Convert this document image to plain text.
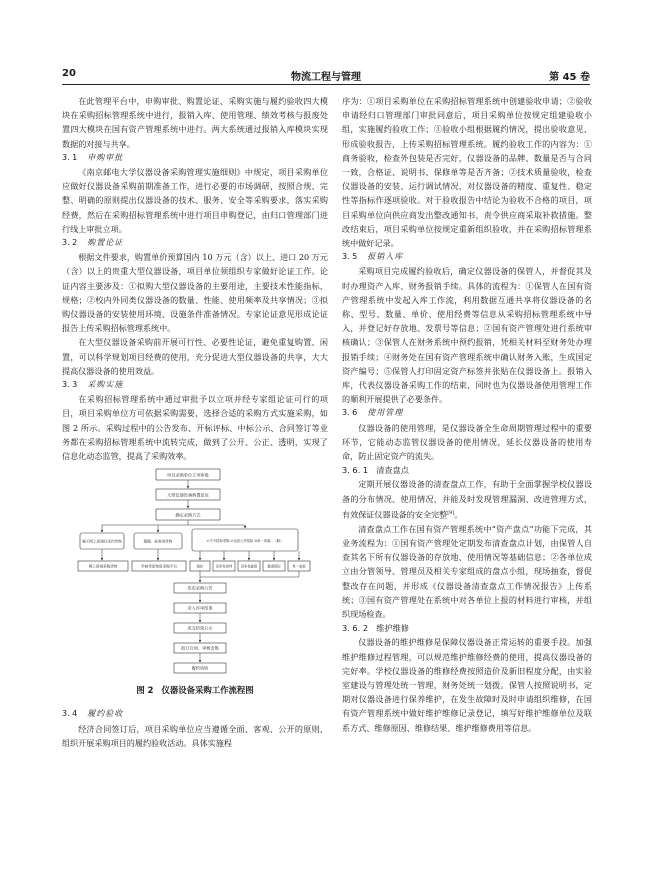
20	物流工程与管理	第 45 卷

在此管理平台中，申购审批、购置论证、采购实施与履约验收四大模块在采购招标管理系统中进行，报销入库、使用管理、绩效考核与报废处置四大模块在国有资产管理系统中进行。两大系统通过报销入库模块实现数据的对接与共享。

3. 1 申购审批

《南京邮电大学仪器设备采购管理实施细则》中规定，项目采购单位应做好仪器设备采购前期准备工作，进行必要的市场调研，按照合规、完整、明确的原则提出仪器设备的技术、服务、安全等采购要求，落实采购经费，然后在采购招标管理系统中进行项目申购登记，由归口管理部门进行线上审批立项。

3. 2 购置论证

根据文件要求，购置单价预算国内 10 万元（含）以上、进口 20 万元（含）以上的贵重大型仪器设备，项目单位须组织专家做好论证工作。论证内容主要涉及：①拟购大型仪器设备的主要用途，主要技术性能指标、规格；②校内外同类仪器设备的数量、性能、使用频率及共享情况；③拟购仪器设备的安装使用环境、设施条件准备情况。专家论证意见形成论证报告上传采购招标管理系统中。

在大型仪器设备采购前开展可行性、必要性论证，避免重复购置、闲置，可以科学规划项目经费的使用，充分促进大型仪器设备的共享，大大提高仪器设备的使用效益。

3. 3 采购实施

在采购招标管理系统中通过审批予以立项并经专家组论证可行的项目，项目采购单位方可依据采购需要，选择合适的采购方式实施采购，如图 2 所示。采购过程中的公告发布、开标评标、中标公示、合同签订等业务都在采购招标管理系统中流转完成，做到了公开、公正、透明，实现了信息化动态监管，提高了采购效率。

项目采购单位立项审批
大型仪器设备购置论证
确定采购方式
属于网上商城目录内货物	限额、标准用货物	①不予招标采购 ②达到公开招标 ③单一来源...（略）
网上商城采购货物	学校零星物资采购平台	询价	竞争性谈判	竞争性磋商	邀请招标	单一来源
发布采购公告
录入评审结果
成交结果公示
拟订合同、审核会签
履约验收
图 2 仪器设备采购工作流程图
3. 4 履约验收

经济合同签订后，项目采购单位应当遵循全面、客观、公开的原则，组织开展采购项目的履约验收活动。具体实施程

序为：①项目采购单位在采购招标管理系统中创建验收申请；②验收申请经归口管理部门审批同意后，项目采购单位按规定组建验收小组，实施履约验收工作；③验收小组根据履约情况，提出验收意见、形成验收报告，上传采购招标管理系统。履约验收工作的内容为：①商务验收，检查外包装是否完好，仪器设备的品牌、数量是否与合同一致，合格证、说明书、保修单等是否齐备；②技术质量验收，检查仪器设备的安装、运行调试情况，对仪器设备的精度、重复性、稳定性等指标作逐项验收。对于验收报告中结论为验收不合格的项目，项目采购单位向供应商发出整改通知书，责令供应商采取补救措施。整改结束后，项目采购单位按规定重新组织验收，并在采购招标管理系统中做好记录。

3. 5 报销入库

采购项目完成履约验收后，确定仪器设备的保管人，并督促其及时办理资产入库、财务报销手续。具体的流程为：①保管人在国有资产管理系统中发起入库工作流，利用数据互通共享将仪器设备的名称、型号、数量、单价、使用经费等信息从采购招标管理系统中导入，并登记好存放地、发票号等信息；②国有资产管理处进行系统审核确认；③保管人在财务系统中预约报销，凭相关材料至财务处办理报销手续；④财务处在国有资产管理系统中确认财务入账，生成国定资产编号；⑤保管人打印固定资产标签并张贴在仪器设备上。报销入库，代表仪器设备采购工作的结束，同时也为仪器设备使用管理工作的顺利开展提供了必要条件。

3. 6 使用管理

仪器设备的使用管理，是仪器设备全生命周期管理过程中的重要环节，它能动态监管仪器设备的使用情况，延长仪器设备的使用寿命，防止固定资产的流失。

3. 6. 1　清查盘点

定期开展仪器设备的清查盘点工作，有助于全面掌握学校仪器设备的分布情况、使用情况，并能及时发现管理漏洞、改进管理方式，有效保证仪器设备的安全完整[9]。

清查盘点工作在国有资产管理系统中“资产盘点”功能下完成，其业务流程为：①国有资产管理处定期发布清查盘点计划，由保管人自查其名下所有仪器设备的存放地、使用情况等基础信息；②各单位成立由分管领导、管理员及相关专家组成的盘点小组，现场抽查，督促整改存在问题，并形成《仪器设备清查盘点工作情况报告》上传系统；③国有资产管理处在系统中对各单位上报的材料进行审核，并组织现场检查。

3. 6. 2　维护维修

仪器设备的维护维修是保障仪器设备正常运转的重要手段。加强维护维修过程管理，可以规范维护维修经费的使用，提高仪器设备的完好率。学校仪器设备的维修经费按照造价及新旧程度分配，由实验室建设与管理处统一管理，财务处统一划拨。保管人按照说明书，定期对仪器设备进行保养维护，在发生故障时及时申请组织维修，在国有资产管理系统中做好维护维修记录登记，填写好维护维修单位及联系方式、维修原因、维修结果、维护维修费用等信息。
